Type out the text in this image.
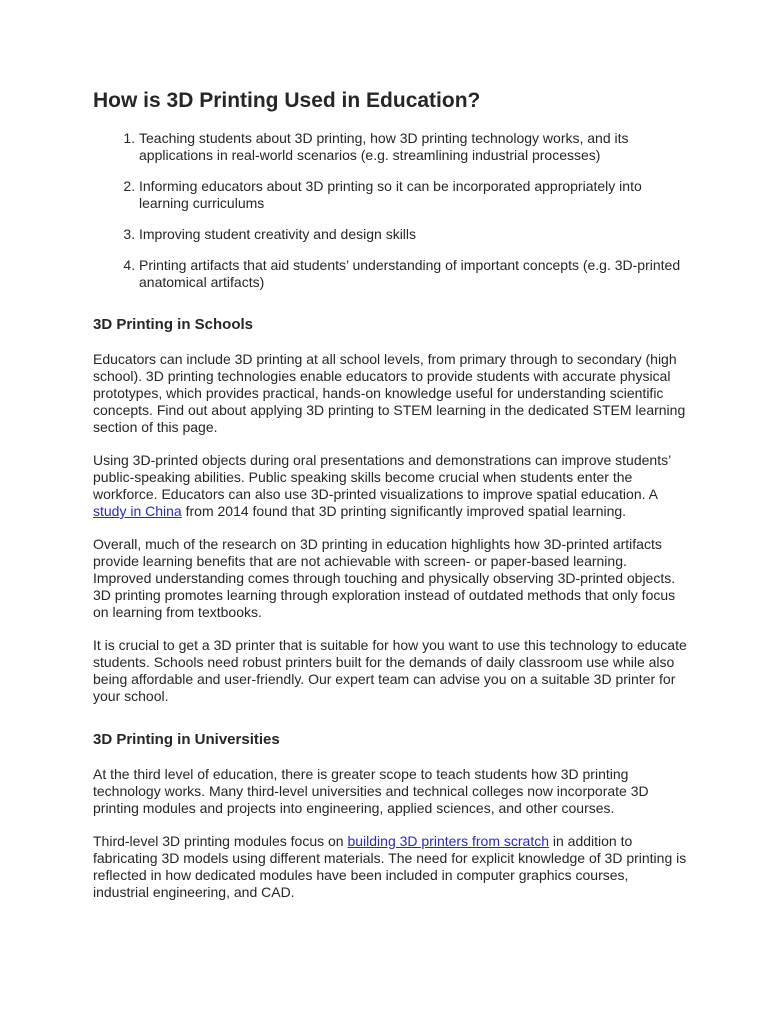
How is 3D Printing Used in Education?
1. Teaching students about 3D printing, how 3D printing technology works, and its applications in real-world scenarios (e.g. streamlining industrial processes)
2. Informing educators about 3D printing so it can be incorporated appropriately into learning curriculums
3. Improving student creativity and design skills
4. Printing artifacts that aid students’ understanding of important concepts (e.g. 3D-printed anatomical artifacts)
3D Printing in Schools

Educators can include 3D printing at all school levels, from primary through to secondary (high school). 3D printing technologies enable educators to provide students with accurate physical prototypes, which provides practical, hands-on knowledge useful for understanding scientific concepts. Find out about applying 3D printing to STEM learning in the dedicated STEM learning section of this page.

Using 3D-printed objects during oral presentations and demonstrations can improve students’ public-speaking abilities. Public speaking skills become crucial when students enter the workforce. Educators can also use 3D-printed visualizations to improve spatial education. A study in China from 2014 found that 3D printing significantly improved spatial learning.

Overall, much of the research on 3D printing in education highlights how 3D-printed artifacts provide learning benefits that are not achievable with screen- or paper-based learning. Improved understanding comes through touching and physically observing 3D-printed objects. 3D printing promotes learning through exploration instead of outdated methods that only focus on learning from textbooks.

It is crucial to get a 3D printer that is suitable for how you want to use this technology to educate students. Schools need robust printers built for the demands of daily classroom use while also being affordable and user-friendly. Our expert team can advise you on a suitable 3D printer for your school.

3D Printing in Universities

At the third level of education, there is greater scope to teach students how 3D printing technology works. Many third-level universities and technical colleges now incorporate 3D printing modules and projects into engineering, applied sciences, and other courses.

Third-level 3D printing modules focus on building 3D printers from scratch in addition to fabricating 3D models using different materials. The need for explicit knowledge of 3D printing is reflected in how dedicated modules have been included in computer graphics courses, industrial engineering, and CAD.
